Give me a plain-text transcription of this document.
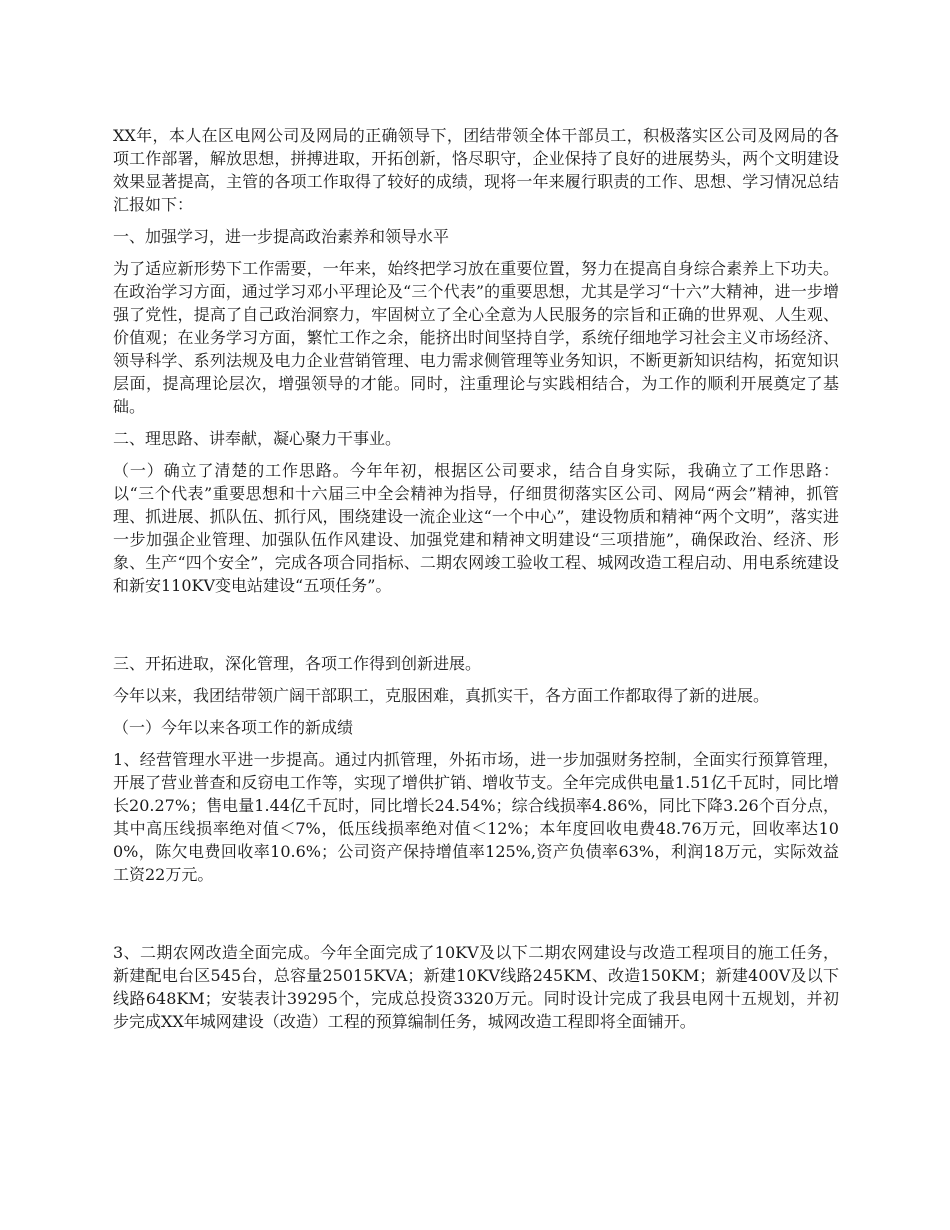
XX年，本人在区电网公司及网局的正确领导下，团结带领全体干部员工，积极落实区公司及网局的各项工作部署，解放思想，拼搏进取，开拓创新，恪尽职守，企业保持了良好的进展势头，两个文明建设效果显著提高，主管的各项工作取得了较好的成绩，现将一年来履行职责的工作、思想、学习情况总结汇报如下：

一、加强学习，进一步提高政治素养和领导水平

为了适应新形势下工作需要，一年来，始终把学习放在重要位置，努力在提高自身综合素养上下功夫。在政治学习方面，通过学习邓小平理论及“三个代表”的重要思想，尤其是学习“十六”大精神，进一步增强了党性，提高了自己政治洞察力，牢固树立了全心全意为人民服务的宗旨和正确的世界观、人生观、价值观；在业务学习方面，繁忙工作之余，能挤出时间坚持自学，系统仔细地学习社会主义市场经济、领导科学、系列法规及电力企业营销管理、电力需求侧管理等业务知识，不断更新知识结构，拓宽知识层面，提高理论层次，增强领导的才能。同时，注重理论与实践相结合，为工作的顺利开展奠定了基础。

二、理思路、讲奉献，凝心聚力干事业。

（一）确立了清楚的工作思路。今年年初，根据区公司要求，结合自身实际，我确立了工作思路：以“三个代表”重要思想和十六届三中全会精神为指导，仔细贯彻落实区公司、网局“两会”精神，抓管理、抓进展、抓队伍、抓行风，围绕建设一流企业这“一个中心”，建设物质和精神“两个文明”，落实进一步加强企业管理、加强队伍作风建设、加强党建和精神文明建设“三项措施”，确保政治、经济、形象、生产“四个安全”，完成各项合同指标、二期农网竣工验收工程、城网改造工程启动、用电系统建设和新安110KV变电站建设“五项任务”。

三、开拓进取，深化管理，各项工作得到创新进展。

今年以来，我团结带领广阔干部职工，克服困难，真抓实干，各方面工作都取得了新的进展。

（一）今年以来各项工作的新成绩

1、经营管理水平进一步提高。通过内抓管理，外拓市场，进一步加强财务控制，全面实行预算管理，开展了营业普查和反窃电工作等，实现了增供扩销、增收节支。全年完成供电量1.51亿千瓦时，同比增长20.27%；售电量1.44亿千瓦时，同比增长24.54%；综合线损率4.86%，同比下降3.26个百分点，其中高压线损率绝对值＜7%，低压线损率绝对值＜12%；本年度回收电费48.76万元，回收率达100%，陈欠电费回收率10.6%；公司资产保持增值率125%,资产负债率63%，利润18万元，实际效益工资22万元。

3、二期农网改造全面完成。今年全面完成了10KV及以下二期农网建设与改造工程项目的施工任务，新建配电台区545台，总容量25015KVA；新建10KV线路245KM、改造150KM；新建400V及以下线路648KM；安装表计39295个，完成总投资3320万元。同时设计完成了我县电网十五规划，并初步完成XX年城网建设（改造）工程的预算编制任务，城网改造工程即将全面铺开。
